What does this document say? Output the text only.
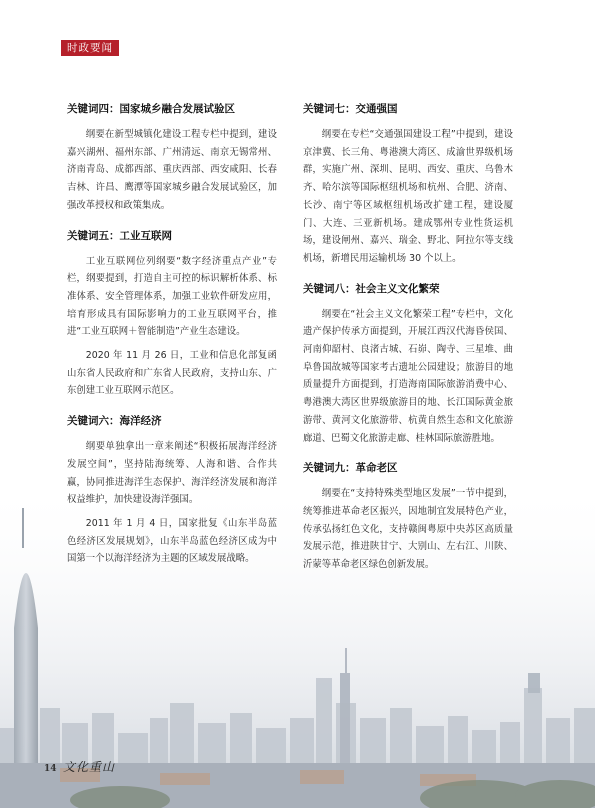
时政要闻
关键词四：国家城乡融合发展试验区

纲要在新型城镇化建设工程专栏中提到，建设嘉兴湖州、福州东部、广州清远、南京无锡常州、济南青岛、成都西部、重庆西部、西安咸阳、长春吉林、许昌、鹰潭等国家城乡融合发展试验区，加强改革授权和政策集成。

关键词五：工业互联网

工业互联网位列纲要“数字经济重点产业”专栏，纲要提到，打造自主可控的标识解析体系、标准体系、安全管理体系，加强工业软件研发应用，培育形成具有国际影响力的工业互联网平台，推进“工业互联网＋智能制造”产业生态建设。

2020 年 11 月 26 日，工业和信息化部复函山东省人民政府和广东省人民政府，支持山东、广东创建工业互联网示范区。

关键词六：海洋经济

纲要单独拿出一章来阐述“积极拓展海洋经济发展空间”，坚持陆海统筹、人海和谐、合作共赢，协同推进海洋生态保护、海洋经济发展和海洋权益维护，加快建设海洋强国。

2011 年 1 月 4 日，国家批复《山东半岛蓝色经济区发展规划》，山东半岛蓝色经济区成为中国第一个以海洋经济为主题的区域发展战略。

关键词七：交通强国

纲要在专栏“交通强国建设工程”中提到，建设京津冀、长三角、粤港澳大湾区、成渝世界级机场群，实施广州、深圳、昆明、西安、重庆、乌鲁木齐、哈尔滨等国际枢纽机场和杭州、合肥、济南、长沙、南宁等区域枢纽机场改扩建工程，建设厦门、大连、三亚新机场。建成鄂州专业性货运机场，建设闸州、嘉兴、瑞金、野北、阿拉尔等支线机场，新增民用运输机场 30 个以上。

关键词八：社会主义文化繁荣

纲要在“社会主义文化繁荣工程”专栏中，文化遗产保护传承方面提到，开展江西汉代海昏侯国、河南仰韶村、良渚古城、石峁、陶寺、三星堆、曲阜鲁国故城等国家考古遗址公园建设；旅游目的地质量提升方面提到，打造海南国际旅游消费中心、粤港澳大湾区世界级旅游目的地、长江国际黄金旅游带、黄河文化旅游带、杭黄自然生态和文化旅游廊道、巴蜀文化旅游走廊、桂林国际旅游胜地。

关键词九：革命老区

纲要在“支持特殊类型地区发展”一节中提到，统筹推进革命老区振兴，因地制宜发展特色产业，传承弘扬红色文化，支持赣闽粤原中央苏区高质量发展示范，推进陕甘宁、大别山、左右江、川陕、沂蒙等革命老区绿色创新发展。

14 文化重山
